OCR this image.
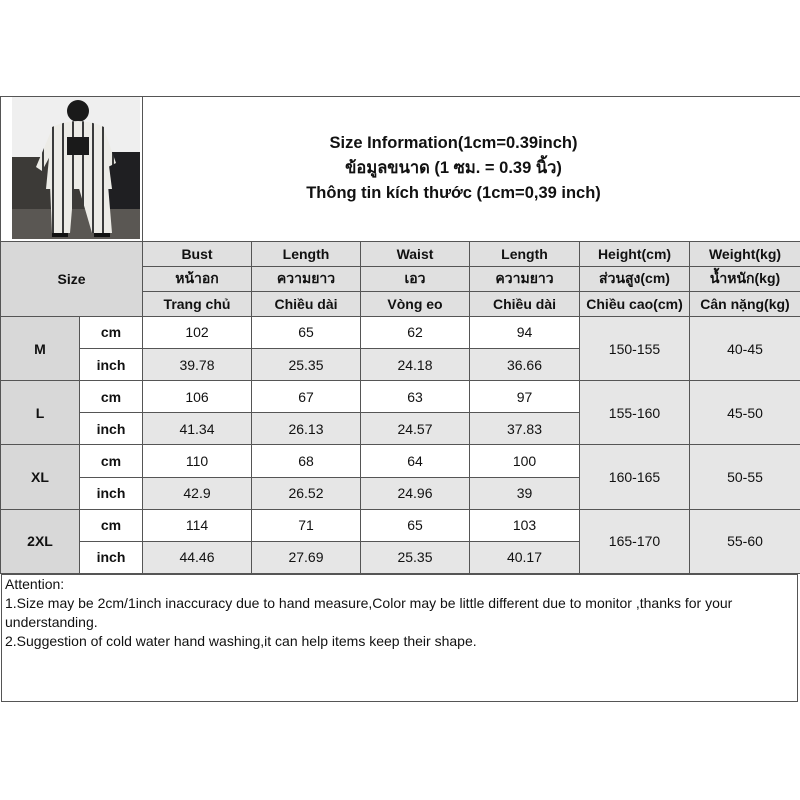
		Size Information(1cm=0.39inch)
ข้อมูลขนาด (1 ซม. = 0.39 นิ้ว)
Thông tin kích thước (1cm=0,39 inch)					

Size		Bust	Length	Waist	Length	Height(cm)	Weight(kg)
		หน้าอก	ความยาว	เอว	ความยาว	ส่วนสูง(cm)	น้ำหนัก(kg)
		Trang chủ	Chiều dài	Vòng eo	Chiều dài	Chiều cao(cm)	Cân nặng(kg)
M	cm	102	65	62	94	150-155	40-45
	inch	39.78	25.35	24.18	36.66		
L	cm	106	67	63	97	155-160	45-50
	inch	41.34	26.13	24.57	37.83		
XL	cm	110	68	64	100	160-165	50-55
	inch	42.9	26.52	24.96	39		
2XL	cm	114	71	65	103	165-170	55-60
	inch	44.46	27.69	25.35	40.17		
Attention:
1.Size may be 2cm/1inch inaccuracy due to hand measure,Color may be little different due to monitor ,thanks for your understanding.
2.Suggestion of cold water hand washing,it can help items keep their shape.
